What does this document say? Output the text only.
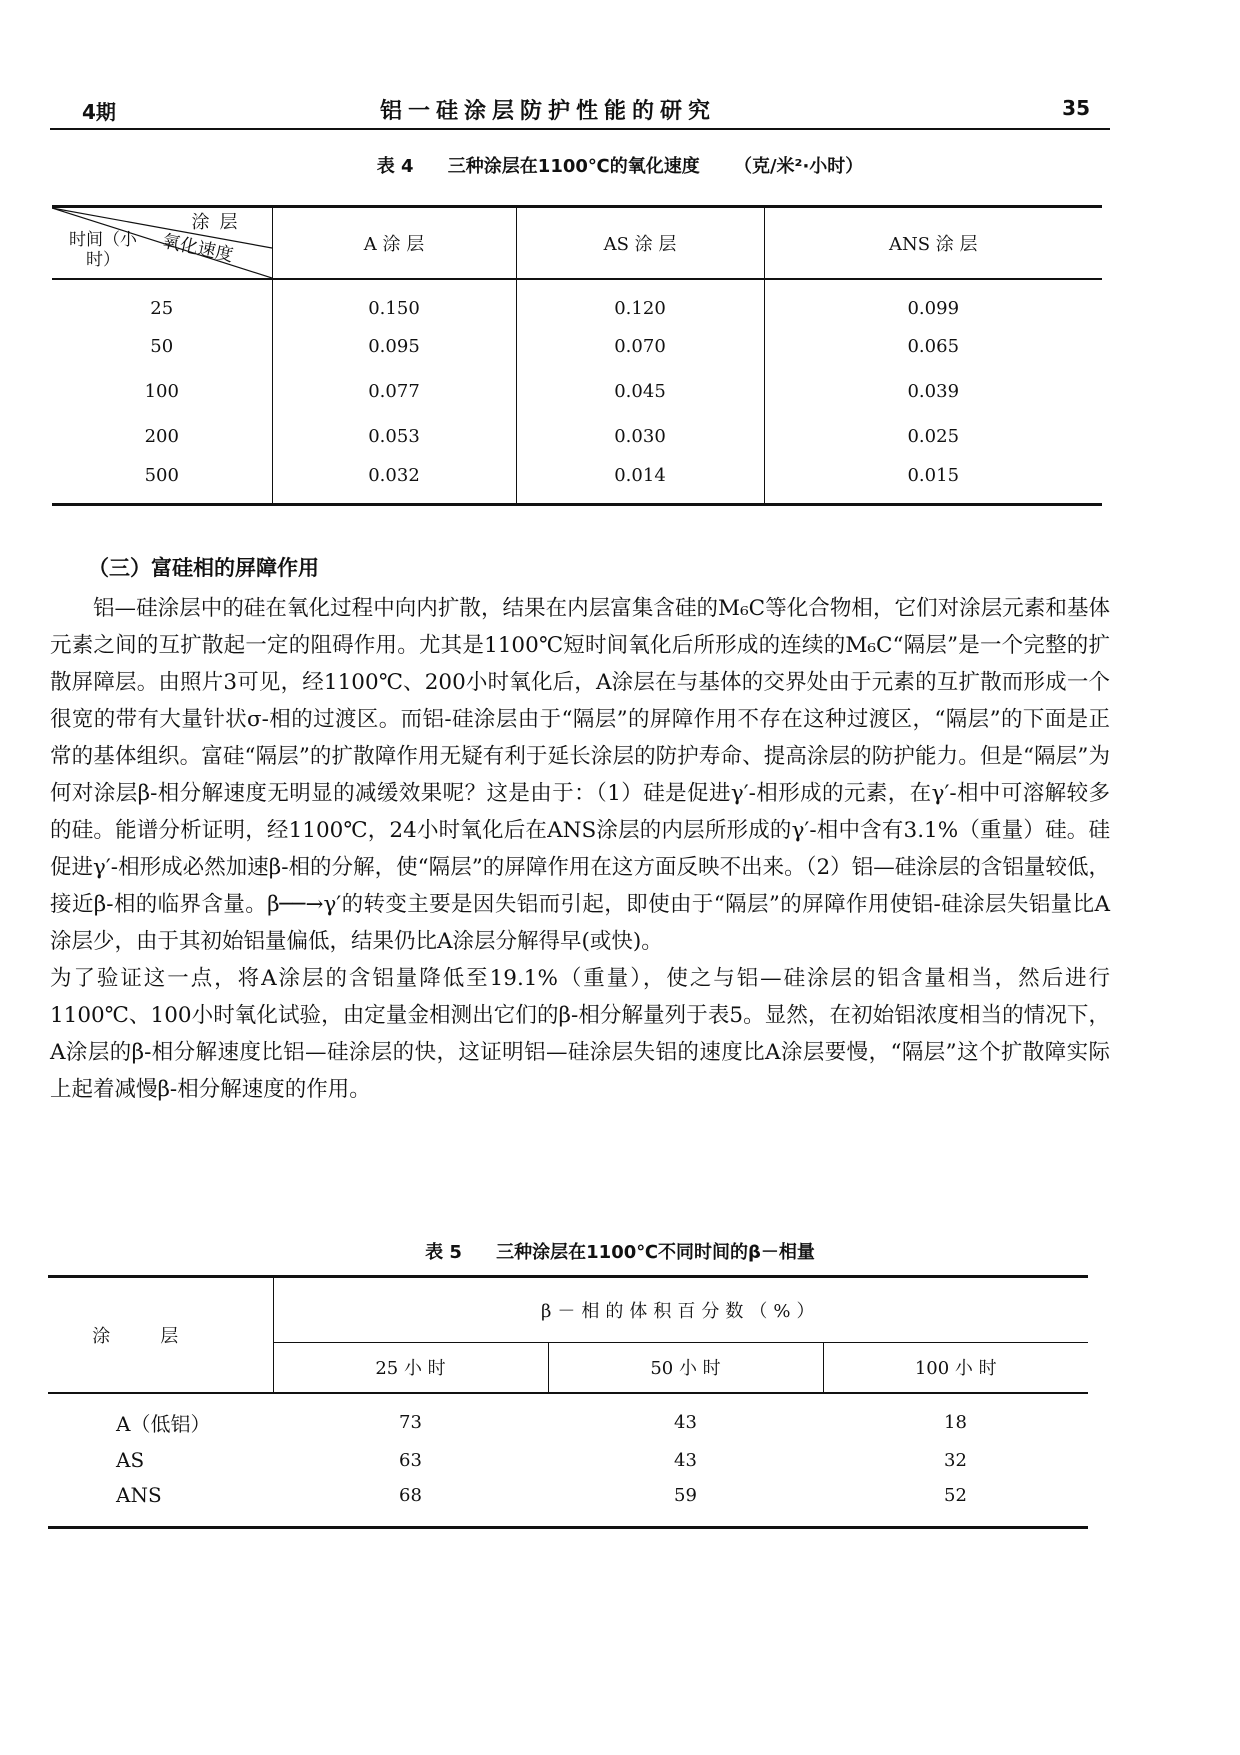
4期	铝一硅涂层防护性能的研究	35
表 4 三种涂层在1100℃的氧化速度 （克/米²·小时）
涂层
氧化速度
时间（小时）	A 涂 层	AS 涂 层	ANS 涂 层
25	0.150	0.120	0.099
50	0.095	0.070	0.065
100	0.077	0.045	0.039
200	0.053	0.030	0.025
500	0.032	0.014	0.015
（三）富硅相的屏障作用

铝—硅涂层中的硅在氧化过程中向内扩散，结果在内层富集含硅的M₆C等化合物相，它们对涂层元素和基体元素之间的互扩散起一定的阻碍作用。尤其是1100℃短时间氧化后所形成的连续的M₆C“隔层”是一个完整的扩散屏障层。由照片3可见，经1100℃、200小时氧化后，A涂层在与基体的交界处由于元素的互扩散而形成一个很宽的带有大量针状σ-相的过渡区。而铝-硅涂层由于“隔层”的屏障作用不存在这种过渡区，“隔层”的下面是正常的基体组织。富硅“隔层”的扩散障作用无疑有利于延长涂层的防护寿命、提高涂层的防护能力。但是“隔层”为何对涂层β-相分解速度无明显的减缓效果呢？这是由于：（1）硅是促进γ′-相形成的元素，在γ′-相中可溶解较多的硅。能谱分析证明，经1100℃，24小时氧化后在ANS涂层的内层所形成的γ′-相中含有3.1%（重量）硅。硅促进γ′-相形成必然加速β-相的分解，使“隔层”的屏障作用在这方面反映不出来。（2）铝—硅涂层的含铝量较低，接近β-相的临界含量。β──→γ′的转变主要是因失铝而引起，即使由于“隔层”的屏障作用使铝-硅涂层失铝量比A涂层少，由于其初始铝量偏低，结果仍比A涂层分解得早(或快)。

为了验证这一点，将A涂层的含铝量降低至19.1%（重量），使之与铝—硅涂层的铝含量相当，然后进行1100℃、100小时氧化试验，由定量金相测出它们的β-相分解量列于表5。显然，在初始铝浓度相当的情况下，A涂层的β-相分解速度比铝—硅涂层的快，这证明铝—硅涂层失铝的速度比A涂层要慢，“隔层”这个扩散障实际上起着减慢β-相分解速度的作用。

表 5 三种涂层在1100℃不同时间的β－相量
涂层	β－相的体积百分数（%）		
	25 小 时	50 小 时	100 小 时
A（低铝）	73	43	18
AS	63	43	32
ANS	68	59	52
